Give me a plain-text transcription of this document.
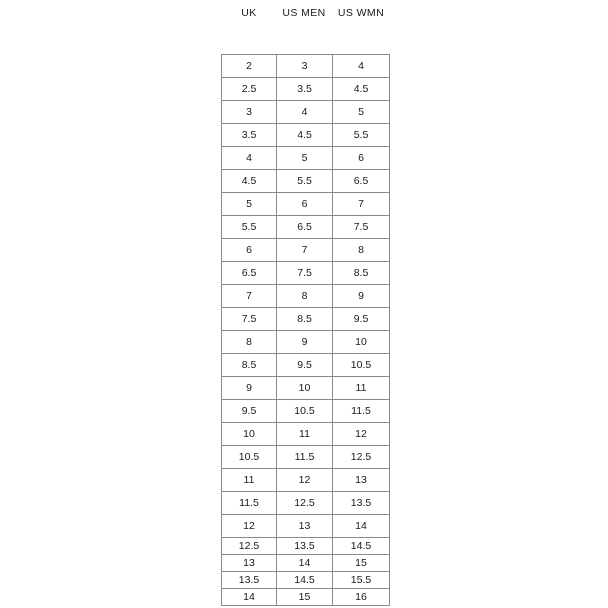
UK	US MEN	US WMN
2	3	4
2.5	3.5	4.5
3	4	5
3.5	4.5	5.5
4	5	6
4.5	5.5	6.5
5	6	7
5.5	6.5	7.5
6	7	8
6.5	7.5	8.5
7	8	9
7.5	8.5	9.5
8	9	10
8.5	9.5	10.5
9	10	11
9.5	10.5	11.5
10	11	12
10.5	11.5	12.5
11	12	13
11.5	12.5	13.5
12	13	14
12.5	13.5	14.5
13	14	15
13.5	14.5	15.5
14	15	16
